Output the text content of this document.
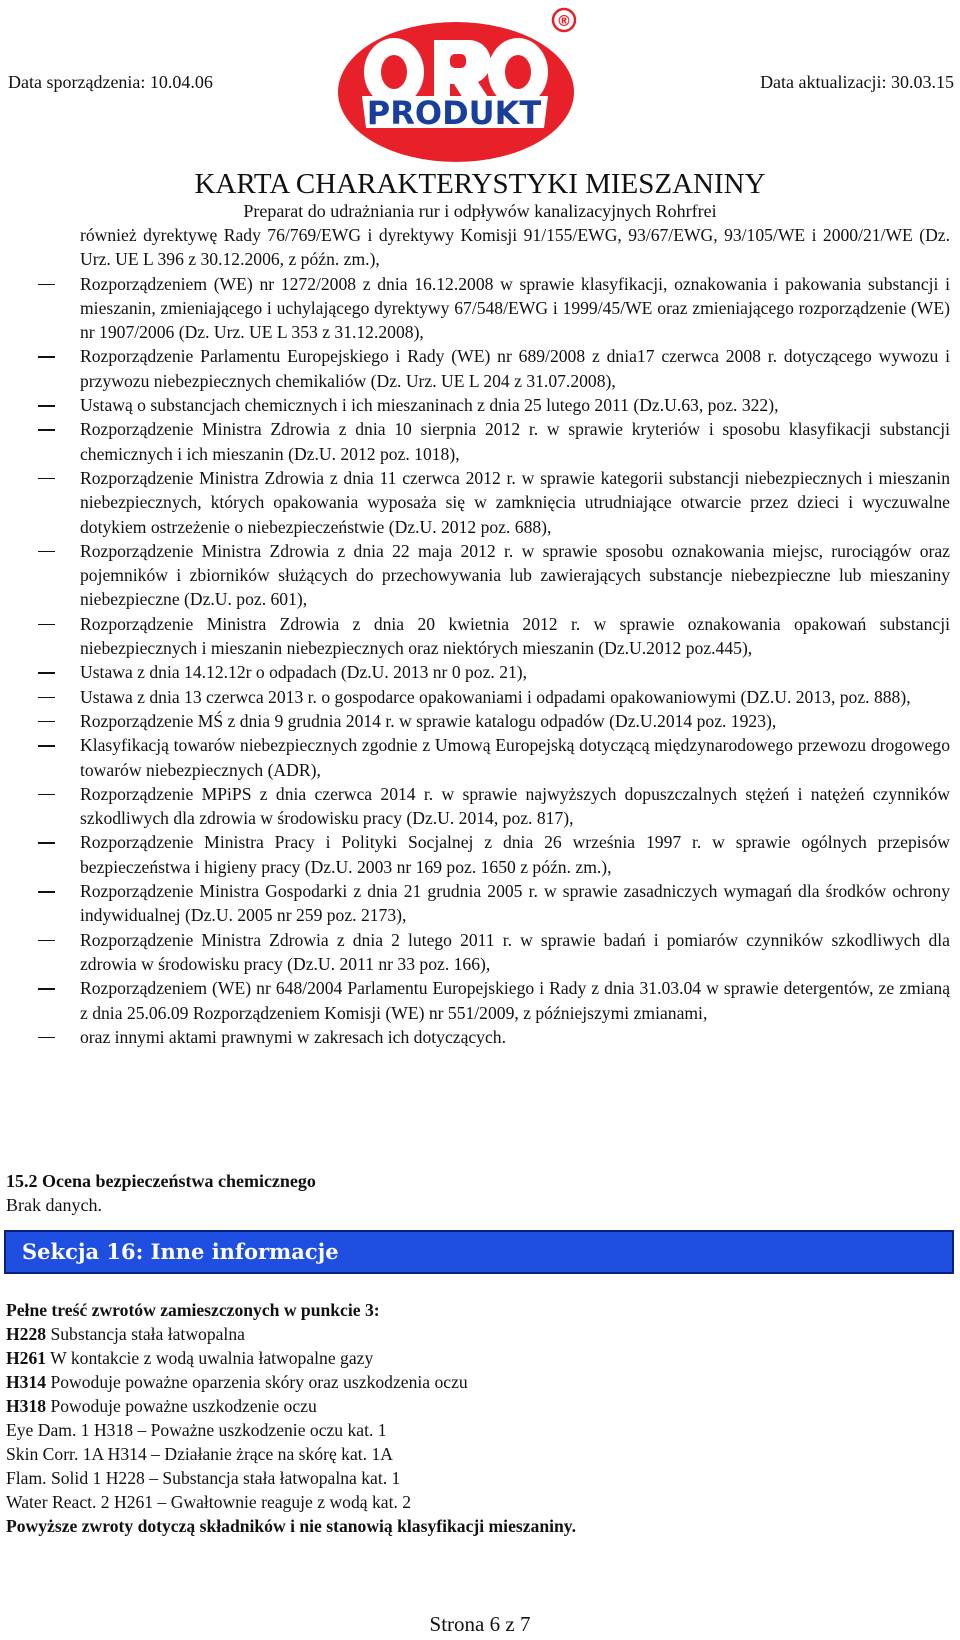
Data sporządzenia: 10.04.06	Data aktualizacji: 30.03.15
PRODUKT
®
KARTA CHARAKTERYSTYKI MIESZANINY
Preparat do udrażniania rur i odpływów kanalizacyjnych Rohrfrei
również dyrektywę Rady 76/769/EWG i dyrektywy Komisji 91/155/EWG, 93/67/EWG, 93/105/WE i 2000/21/WE (Dz. Urz. UE L 396 z 30.12.2006, z późn. zm.),
Rozporządzeniem (WE) nr 1272/2008 z dnia 16.12.2008 w sprawie klasyfikacji, oznakowania i pakowania substancji i mieszanin, zmieniającego i uchylającego dyrektywy 67/548/EWG i 1999/45/WE oraz zmieniającego rozporządzenie (WE) nr 1907/2006 (Dz. Urz. UE L 353 z 31.12.2008),
Rozporządzenie Parlamentu Europejskiego i Rady (WE) nr 689/2008 z dnia17 czerwca 2008 r. dotyczącego wywozu i przywozu niebezpiecznych chemikaliów (Dz. Urz. UE L 204 z 31.07.2008),
Ustawą o substancjach chemicznych i ich mieszaninach z dnia 25 lutego 2011 (Dz.U.63, poz. 322),
Rozporządzenie Ministra Zdrowia z dnia 10 sierpnia 2012 r. w sprawie kryteriów i sposobu klasyfikacji substancji chemicznych i ich mieszanin (Dz.U. 2012 poz. 1018),
Rozporządzenie Ministra Zdrowia z dnia 11 czerwca 2012 r. w sprawie kategorii substancji niebezpiecznych i mieszanin niebezpiecznych, których opakowania wyposaża się w zamknięcia utrudniające otwarcie przez dzieci i wyczuwalne dotykiem ostrzeżenie o niebezpieczeństwie (Dz.U. 2012 poz. 688),
Rozporządzenie Ministra Zdrowia z dnia 22 maja 2012 r. w sprawie sposobu oznakowania miejsc, rurociągów oraz pojemników i zbiorników służących do przechowywania lub zawierających substancje niebezpieczne lub mieszaniny niebezpieczne (Dz.U. poz. 601),
Rozporządzenie Ministra Zdrowia z dnia 20 kwietnia 2012 r. w sprawie oznakowania opakowań substancji niebezpiecznych i mieszanin niebezpiecznych oraz niektórych mieszanin (Dz.U.2012 poz.445),
Ustawa z dnia 14.12.12r o odpadach (Dz.U. 2013 nr 0 poz. 21),
Ustawa z dnia 13 czerwca 2013 r. o gospodarce opakowaniami i odpadami opakowaniowymi (DZ.U. 2013, poz. 888),
Rozporządzenie MŚ z dnia 9 grudnia 2014 r. w sprawie katalogu odpadów (Dz.U.2014 poz. 1923),
Klasyfikacją towarów niebezpiecznych zgodnie z Umową Europejską dotyczącą międzynarodowego przewozu drogowego towarów niebezpiecznych (ADR),
Rozporządzenie MPiPS z dnia czerwca 2014 r. w sprawie najwyższych dopuszczalnych stężeń i natężeń czynników szkodliwych dla zdrowia w środowisku pracy (Dz.U. 2014, poz. 817),
Rozporządzenie Ministra Pracy i Polityki Socjalnej z dnia 26 września 1997 r. w sprawie ogólnych przepisów bezpieczeństwa i higieny pracy (Dz.U. 2003 nr 169 poz. 1650 z późn. zm.),
Rozporządzenie Ministra Gospodarki z dnia 21 grudnia 2005 r. w sprawie zasadniczych wymagań dla środków ochrony indywidualnej (Dz.U. 2005 nr 259 poz. 2173),
Rozporządzenie Ministra Zdrowia z dnia 2 lutego 2011 r. w sprawie badań i pomiarów czynników szkodliwych dla zdrowia w środowisku pracy (Dz.U. 2011 nr 33 poz. 166),
Rozporządzeniem (WE) nr 648/2004 Parlamentu Europejskiego i Rady z dnia 31.03.04 w sprawie detergentów, ze zmianą z dnia 25.06.09 Rozporządzeniem Komisji (WE) nr 551/2009, z późniejszymi zmianami,
oraz innymi aktami prawnymi w zakresach ich dotyczących.
15.2 Ocena bezpieczeństwa chemicznego
Brak danych.
Sekcja 16: Inne informacje
Pełne treść zwrotów zamieszczonych w punkcie 3:
H228 Substancja stała łatwopalna
H261 W kontakcie z wodą uwalnia łatwopalne gazy
H314 Powoduje poważne oparzenia skóry oraz uszkodzenia oczu
H318 Powoduje poważne uszkodzenie oczu
Eye Dam. 1 H318 – Poważne uszkodzenie oczu kat. 1
Skin Corr. 1A H314 – Działanie żrące na skórę kat. 1A
Flam. Solid 1 H228 – Substancja stała łatwopalna kat. 1
Water React. 2 H261 – Gwałtownie reaguje z wodą kat. 2
Powyższe zwroty dotyczą składników i nie stanowią klasyfikacji mieszaniny.
Strona 6 z 7
